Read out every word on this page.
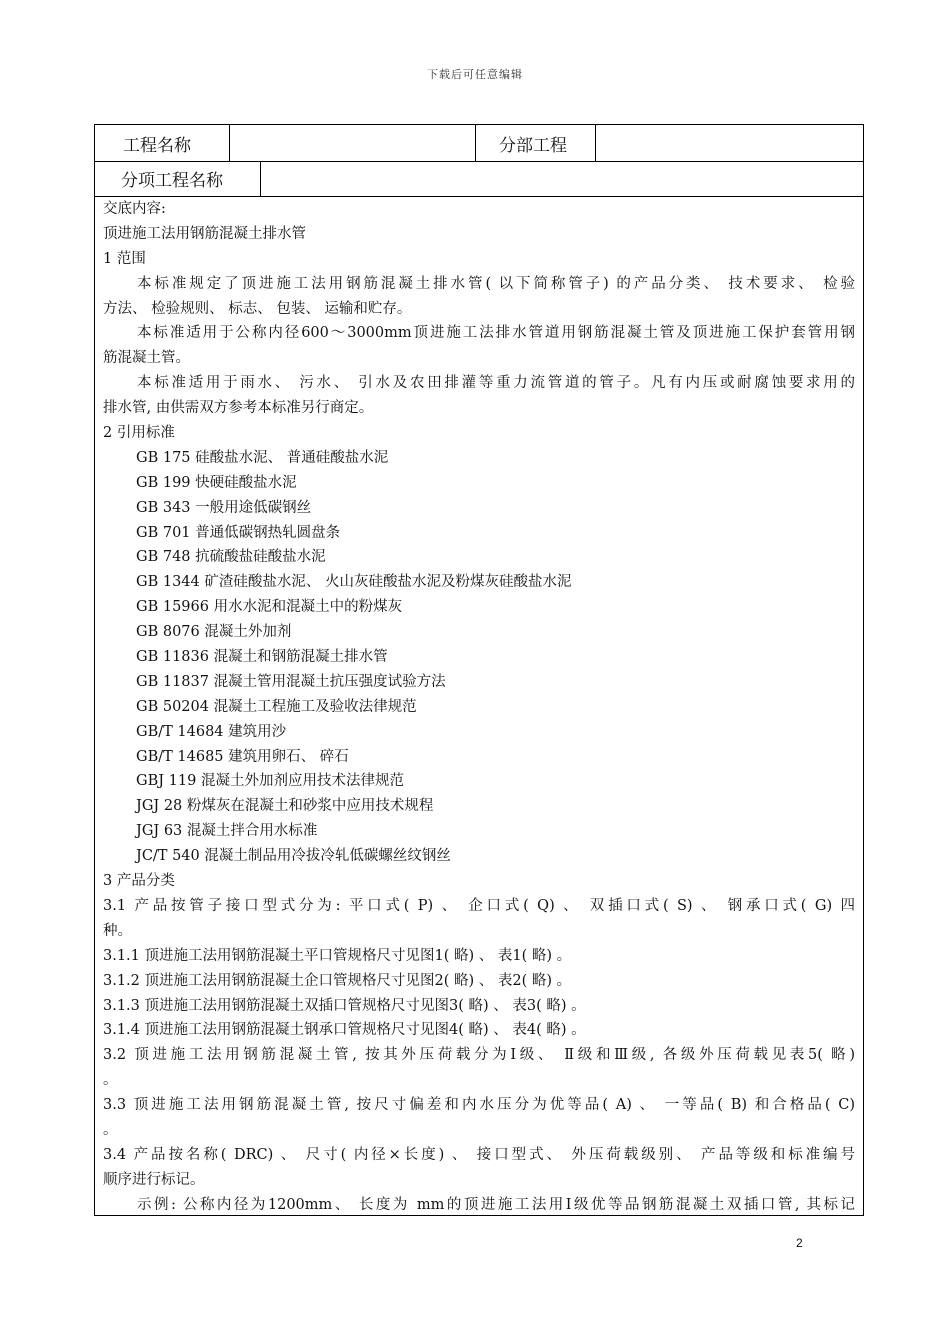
下载后可任意编辑
工程名称	分部工程
分项工程名称
交底内容:
顶进施工法用钢筋混凝土排水管
1 范围
本标准规定了顶进施工法用钢筋混凝土排水管( 以下简称管子) 的产品分类、 技术要求、 检验
方法、 检验规则、 标志、 包装、 运输和贮存。
本标准适用于公称内径600～3000mm顶进施工法排水管道用钢筋混凝土管及顶进施工保护套管用钢
筋混凝土管。
本标准适用于雨水、 污水、 引水及农田排灌等重力流管道的管子。凡有内压或耐腐蚀要求用的
排水管, 由供需双方参考本标准另行商定。
2 引用标准
GB 175 硅酸盐水泥、 普通硅酸盐水泥
GB 199 快硬硅酸盐水泥
GB 343 一般用途低碳钢丝
GB 701 普通低碳钢热轧圆盘条
GB 748 抗硫酸盐硅酸盐水泥
GB 1344 矿渣硅酸盐水泥、 火山灰硅酸盐水泥及粉煤灰硅酸盐水泥
GB 15966 用水水泥和混凝土中的粉煤灰
GB 8076 混凝土外加剂
GB 11836 混凝土和钢筋混凝土排水管
GB 11837 混凝土管用混凝土抗压强度试验方法
GB 50204 混凝土工程施工及验收法律规范
GB/T 14684 建筑用沙
GB/T 14685 建筑用卵石、 碎石
GBJ 119 混凝土外加剂应用技术法律规范
JGJ 28 粉煤灰在混凝土和砂浆中应用技术规程
JGJ 63 混凝土拌合用水标准
JC/T 540 混凝土制品用冷拔冷轧低碳螺丝纹钢丝
3 产品分类
3.1 产品按管子接口型式分为: 平口式( P) 、 企口式( Q) 、 双插口式( S) 、 钢承口式( G) 四
种。
3.1.1 顶进施工法用钢筋混凝土平口管规格尺寸见图1( 略) 、 表1( 略) 。
3.1.2 顶进施工法用钢筋混凝土企口管规格尺寸见图2( 略) 、 表2( 略) 。
3.1.3 顶进施工法用钢筋混凝土双插口管规格尺寸见图3( 略) 、 表3( 略) 。
3.1.4 顶进施工法用钢筋混凝土钢承口管规格尺寸见图4( 略) 、 表4( 略) 。
3.2 顶进施工法用钢筋混凝土管, 按其外压荷载分为Ⅰ级、 Ⅱ级和Ⅲ级, 各级外压荷载见表5( 略)
。
3.3 顶进施工法用钢筋混凝土管, 按尺寸偏差和内水压分为优等品( A) 、 一等品( B) 和合格品( C)
。
3.4 产品按名称( DRC) 、 尺寸( 内径×长度) 、 接口型式、 外压荷载级别、 产品等级和标准编号
顺序进行标记。
示例: 公称内径为1200mm、 长度为 mm的顶进施工法用Ⅰ级优等品钢筋混凝土双插口管, 其标记
2
